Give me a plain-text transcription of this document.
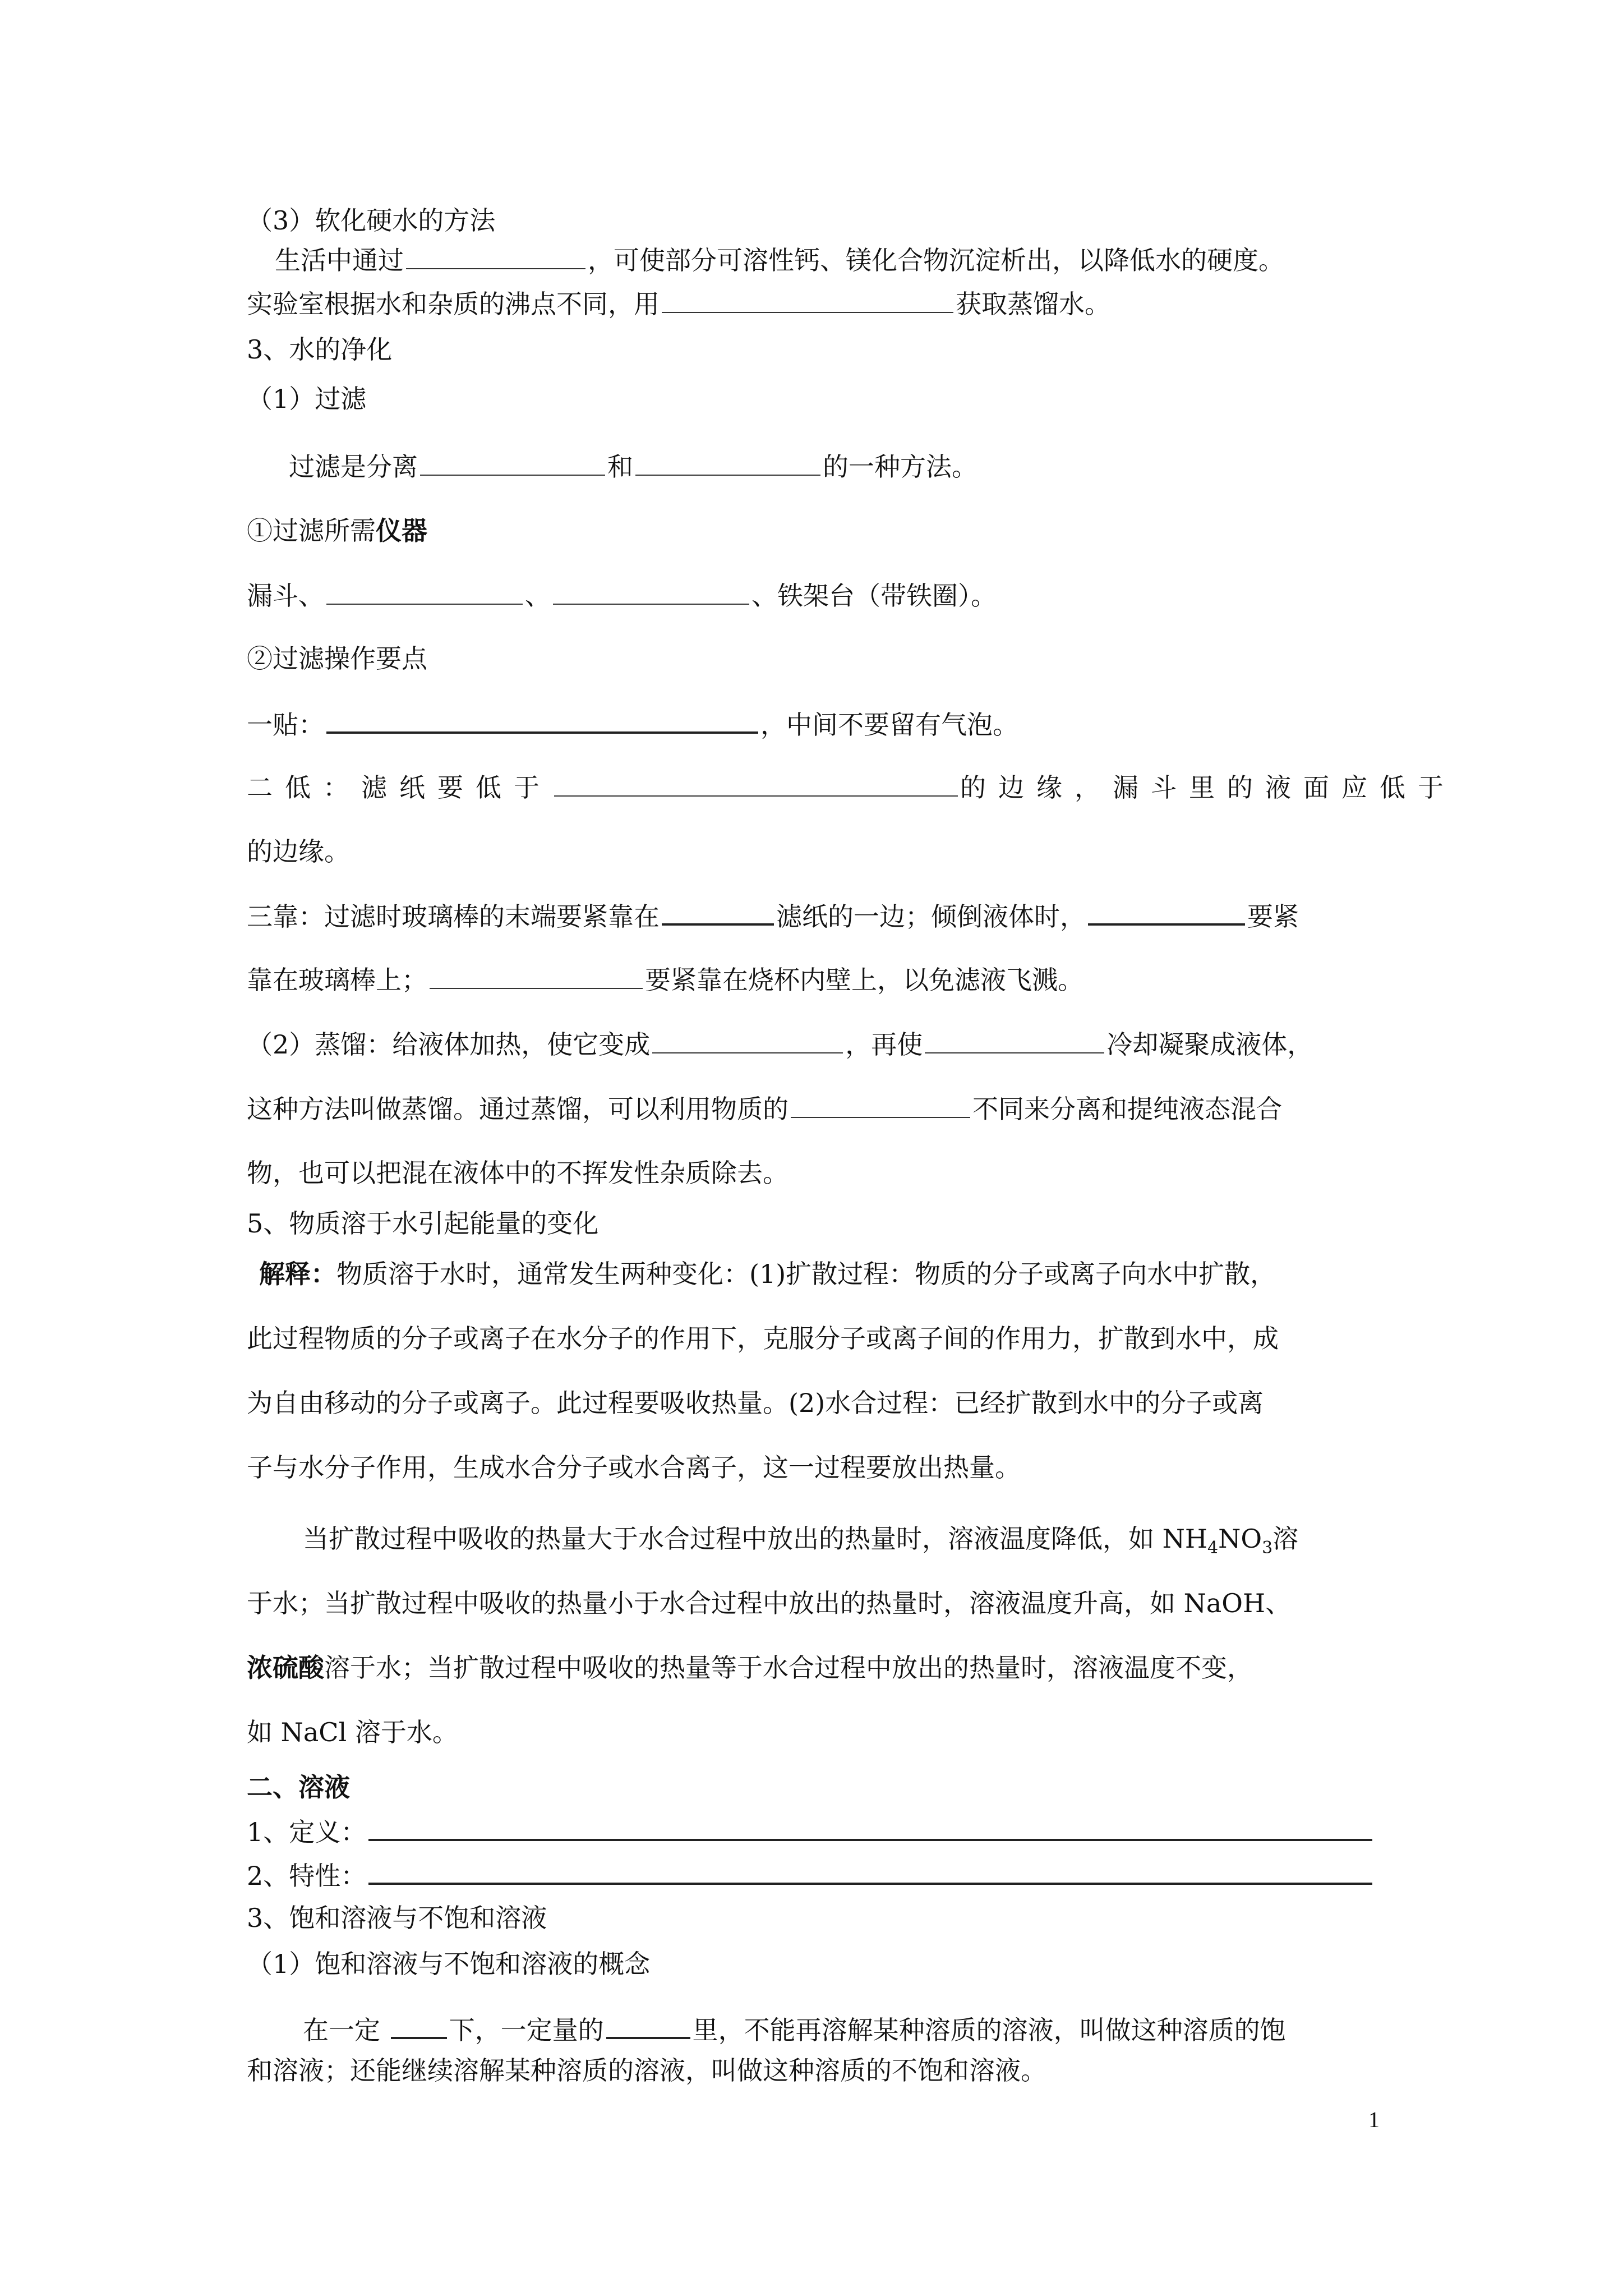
（3）软化硬水的方法
生活中通过	，可使部分可溶性钙、镁化合物沉淀析出，以降低水的硬度。
实验室根据水和杂质的沸点不同，用	获取蒸馏水。
3、水的净化
（1）过滤
过滤是分离	和	的一种方法。
①过滤所需仪器
漏斗、	、	、铁架台（带铁圈）。
②过滤操作要点
一贴：	，中间不要留有气泡。
二低：滤纸要低于	的边缘，漏斗里的液面应低于
的边缘。
三靠：过滤时玻璃棒的末端要紧靠在	滤纸的一边；倾倒液体时，	要紧
靠在玻璃棒上；	要紧靠在烧杯内壁上，以免滤液飞溅。
（2）蒸馏：给液体加热，使它变成	，再使	冷却凝聚成液体，
这种方法叫做蒸馏。通过蒸馏，可以利用物质的	不同来分离和提纯液态混合
物，也可以把混在液体中的不挥发性杂质除去。
5、物质溶于水引起能量的变化
解释：物质溶于水时，通常发生两种变化：(1)扩散过程：物质的分子或离子向水中扩散，
此过程物质的分子或离子在水分子的作用下，克服分子或离子间的作用力，扩散到水中，成
为自由移动的分子或离子。此过程要吸收热量。(2)水合过程：已经扩散到水中的分子或离
子与水分子作用，生成水合分子或水合离子，这一过程要放出热量。
当扩散过程中吸收的热量大于水合过程中放出的热量时，溶液温度降低，如 $NH_4NO_3$溶
于水；当扩散过程中吸收的热量小于水合过程中放出的热量时，溶液温度升高，如 NaOH、
浓硫酸溶于水；当扩散过程中吸收的热量等于水合过程中放出的热量时，溶液温度不变，
如 NaCl 溶于水。
二、溶液
1、定义：
2、特性：
3、饱和溶液与不饱和溶液
（1）饱和溶液与不饱和溶液的概念
在一定	下，一定量的	里，不能再溶解某种溶质的溶液，叫做这种溶质的饱
和溶液；还能继续溶解某种溶质的溶液，叫做这种溶质的不饱和溶液。
1
